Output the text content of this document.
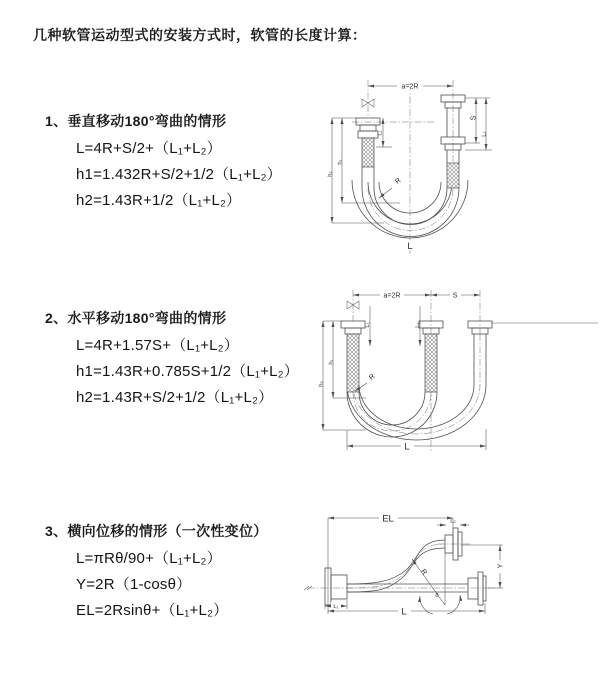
几种软管运动型式的安装方式时，软管的长度计算：
1、垂直移动180°弯曲的情形
L=4R+S/2+（L₁+L₂）
h1=1.432R+S/2+1/2（L₁+L₂）
h2=1.43R+1/2（L₁+L₂）
2、水平移动180°弯曲的情形
L=4R+1.57S+（L₁+L₂）
h1=1.43R+0.785S+1/2（L₁+L₂）
h2=1.43R+S/2+1/2（L₁+L₂）
3、横向位移的情形（一次性变位）
L=πRθ/90+（L₁+L₂）
Y=2R（1-cosθ）
EL=2Rsinθ+（L₁+L₂）
a=2R
L₁
S
L₂
h₁
h₂
R
L
a=2R	S
L₁	L₂
h₁
h₂
R
L
R
θ
EL	L₂
Y
L₁	L
